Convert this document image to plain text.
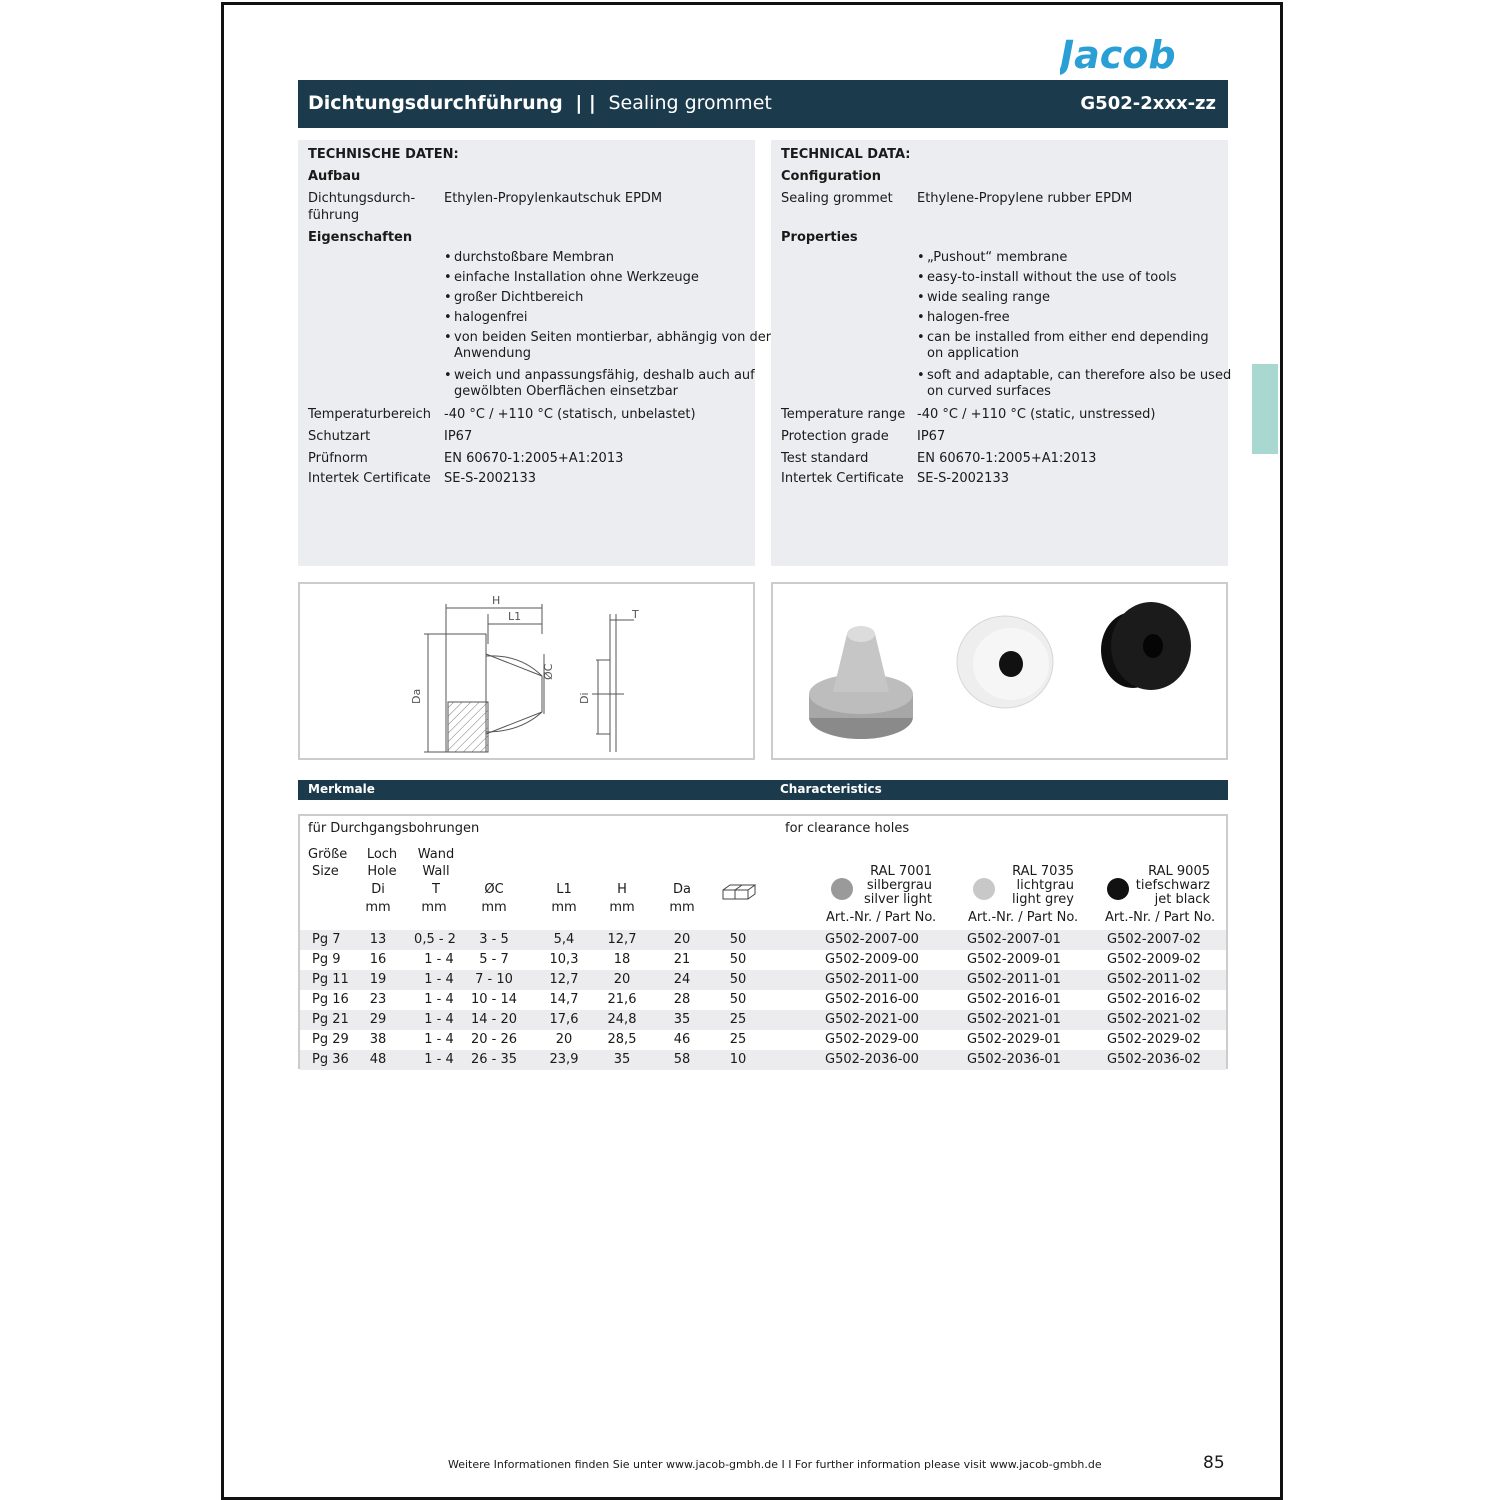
Jacob
Dichtungsdurchführung | | Sealing grommet	G502-2xxx-zz
TECHNISCHE DATEN:
Aufbau
Dichtungsdurch-
führung
Ethylen-Propylenkautschuk EPDM
Eigenschaften
• durchstoßbare Membran
• einfache Installation ohne Werkzeuge
• großer Dichtbereich
• halogenfrei
• von beiden Seiten montierbar, abhängig von der
Anwendung
• weich und anpassungsfähig, deshalb auch auf
gewölbten Oberflächen einsetzbar
Temperaturbereich -40 °C / +110 °C (statisch, unbelastet)
Schutzart	IP67
Prüfnorm	EN 60670-1:2005+A1:2013
Intertek Certificate SE-S-2002133
TECHNICAL DATA:
Configuration
Sealing grommet Ethylene-Propylene rubber EPDM
Properties
• „Pushout“ membrane
• easy-to-install without the use of tools
• wide sealing range
• halogen-free
• can be installed from either end depending
on application
• soft and adaptable, can therefore also be used
on curved surfaces
Temperature range -40 °C / +110 °C (static, unstressed)
Protection grade IP67
Test standard	EN 60670-1:2005+A1:2013
Intertek Certificate SE-S-2002133
H
L1	T
ØC
Da	Di
Merkmale	Characteristics
für Durchgangsbohrungen	for clearance holes
Größe
Size
Loch
Hole
Di
mm
Wand
Wall
T
mm
ØC
mm
L1
mm
H
mm
Da
mm
RAL 7001
silbergrau
silver light
Art.-Nr. / Part No.
RAL 7035
lichtgrau
light grey
Art.-Nr. / Part No.
RAL 9005
tiefschwarz
jet black
Art.-Nr. / Part No.
Pg 7	13	0,5 - 2	3 - 5	5,4	12,7	20	50	G502-2007-00	G502-2007-01	G502-2007-02
Pg 9	16	1 - 4	5 - 7	10,3	18	21	50	G502-2009-00	G502-2009-01	G502-2009-02
Pg 11	19	1 - 4	7 - 10	12,7	20	24	50	G502-2011-00	G502-2011-01	G502-2011-02
Pg 16	23	1 - 4	10 - 14	14,7	21,6	28	50	G502-2016-00	G502-2016-01	G502-2016-02
Pg 21	29	1 - 4	14 - 20	17,6	24,8	35	25	G502-2021-00	G502-2021-01	G502-2021-02
Pg 29	38	1 - 4	20 - 26	20	28,5	46	25	G502-2029-00	G502-2029-01	G502-2029-02
Pg 36	48	1 - 4	26 - 35	23,9	35	58	10	G502-2036-00	G502-2036-01	G502-2036-02
Weitere Informationen finden Sie unter www.jacob-gmbh.de I I For further information please visit www.jacob-gmbh.de	85
